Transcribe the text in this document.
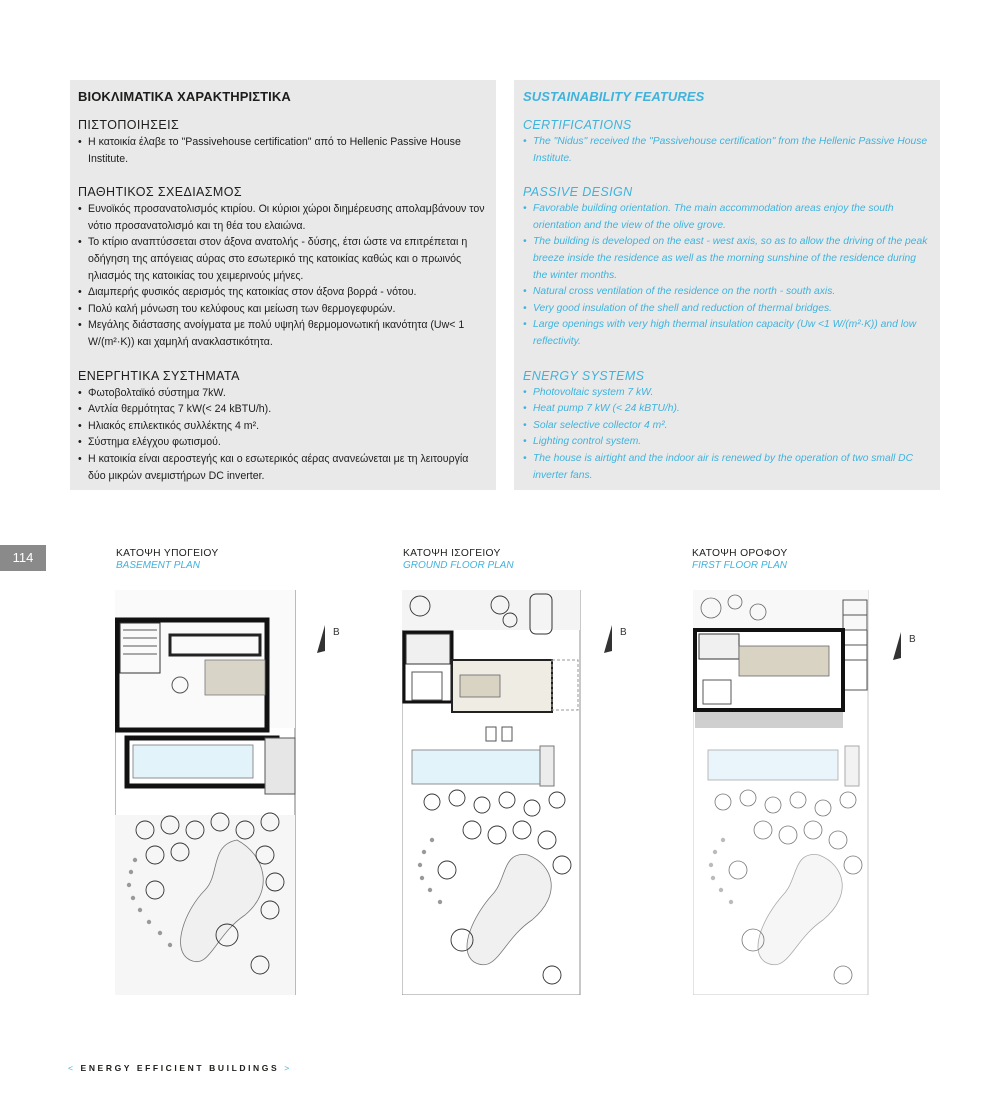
ΒΙΟΚΛΙΜΑΤΙΚΑ ΧΑΡΑΚΤΗΡΙΣΤΙΚΑ
ΠΙΣΤΟΠΟΙΗΣΕΙΣ
• Η κατοικία έλαβε το "Passivehouse certification" από το Hellenic Passive House Institute.
ΠΑΘΗΤΙΚΟΣ ΣΧΕΔΙΑΣΜΟΣ
• Ευνοϊκός προσανατολισμός κτιρίου. Οι κύριοι χώροι διημέρευσης απολαμβάνουν τον νότιο προσανατολισμό και τη θέα του ελαιώνα.
• Το κτίριο αναπτύσσεται στον άξονα ανατολής - δύσης, έτσι ώστε να επιτρέπεται η οδήγηση της απόγειας αύρας στο εσωτερικό της κατοικίας καθώς και ο πρωινός ηλιασμός της κατοικίας του χειμερινούς μήνες.
• Διαμπερής φυσικός αερισμός της κατοικίας στον άξονα βορρά - νότου.
• Πολύ καλή μόνωση του κελύφους και μείωση των θερμογεφυρών.
• Μεγάλης διάστασης ανοίγματα με πολύ υψηλή θερμομονωτική ικανότητα (Uw< 1 W/(m²·K)) και χαμηλή ανακλαστικότητα.
ΕΝΕΡΓΗΤΙΚΑ ΣΥΣΤΗΜΑΤΑ
• Φωτοβολταϊκό σύστημα 7kW.
• Αντλία θερμότητας 7 kW(< 24 kBTU/h).
• Ηλιακός επιλεκτικός συλλέκτης 4 m².
• Σύστημα ελέγχου φωτισμού.
• Η κατοικία είναι αεροστεγής και ο εσωτερικός αέρας ανανεώνεται με τη λειτουργία δύο μικρών ανεμιστήρων DC inverter.
SUSTAINABILITY FEATURES
CERTIFICATIONS
• The "Nidus" received the "Passivehouse certification" from the Hellenic Passive House Institute.
PASSIVE DESIGN
• Favorable building orientation. The main accommodation areas enjoy the south orientation and the view of the olive grove.
• The building is developed on the east - west axis, so as to allow the driving of the peak breeze inside the residence as well as the morning sunshine of the residence during the winter months.
• Natural cross ventilation of the residence on the north - south axis.
• Very good insulation of the shell and reduction of thermal bridges.
• Large openings with very high thermal insulation capacity (Uw <1 W/(m²·K)) and low reflectivity.
ENERGY SYSTEMS
• Photovoltaic system 7 kW.
• Heat pump 7 kW (< 24 kBTU/h).
• Solar selective collector 4 m².
• Lighting control system.
• The house is airtight and the indoor air is renewed by the operation of two small DC inverter fans.
114	ΚΑΤΟΨΗ ΥΠΟΓΕΙΟΥ
BASEMENT PLAN
ΚΑΤΟΨΗ ΙΣΟΓΕΙΟΥ
GROUND FLOOR PLAN
ΚΑΤΟΨΗ ΟΡΟΦΟΥ
FIRST FLOOR PLAN
B	B
B
< ENERGY EFFICIENT BUILDINGS >
